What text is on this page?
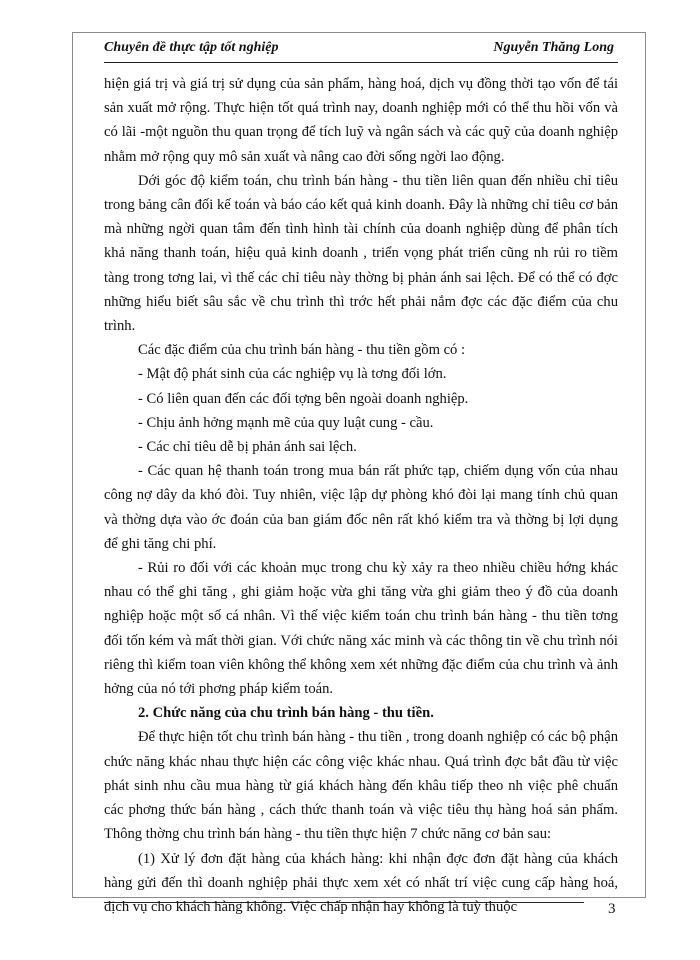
Chuyên đề thực tập tốt nghiệp	Nguyễn Thăng Long

hiện giá trị và giá trị sử dụng của sản phẩm, hàng hoá, dịch vụ đồng thời tạo vốn để tái sản xuất mở rộng. Thực hiện tốt quá trình nay, doanh nghiệp mới có thể thu hồi vốn và có lãi -một nguồn thu quan trọng để tích luỹ và ngân sách và các quỹ của doanh nghiệp nhằm mở rộng quy mô sản xuất và nâng cao đời sống ngời lao động.

Dới góc độ kiểm toán, chu trình bán hàng - thu tiền liên quan đến nhiều chỉ tiêu trong bảng cân đối kế toán và báo cáo kết quả kinh doanh. Đây là những chỉ tiêu cơ bản mà những ngời quan tâm đến tình hình tài chính của doanh nghiệp dùng để phân tích khả năng thanh toán, hiệu quả kinh doanh , triển vọng phát triển cũng nh rủi ro tiềm tàng trong tơng lai, vì thế các chỉ tiêu này thờng bị phản ánh sai lệch. Để có thể có đợc những hiểu biết sâu sắc về chu trình thì trớc hết phải nắm đợc các đặc điểm của chu trình.

Các đặc điểm của chu trình bán hàng - thu tiền gồm có :

- Mật độ phát sinh của các nghiệp vụ là tơng đối lớn.

- Có liên quan đến các đối tợng bên ngoài doanh nghiệp.

- Chịu ảnh hởng mạnh mẽ của quy luật cung - cầu.

- Các chỉ tiêu dễ bị phản ánh sai lệch.

- Các quan hệ thanh toán trong mua bán rất phức tạp, chiếm dụng vốn của nhau công nợ dây da khó đòi. Tuy nhiên, việc lập dự phòng khó đòi lại mang tính chủ quan và thờng dựa vào ớc đoán của ban giám đốc nên rất khó kiểm tra và thờng bị lợi dụng để ghi tăng chi phí.

- Rủi ro đối với các khoản mục trong chu kỳ xảy ra theo nhiều chiều hớng khác nhau có thể ghi tăng , ghi giảm hoặc vừa ghi tăng vừa ghi giảm theo ý đồ của doanh nghiệp hoặc một số cá nhân. Vì thế việc kiểm toán chu trình bán hàng - thu tiền tơng đối tốn kém và mất thời gian. Với chức năng xác minh và các thông tin về chu trình nói riêng thì kiểm toan viên không thể không xem xét những đặc điểm của chu trình và ảnh hởng của nó tới phơng pháp kiểm toán.

2. Chức năng của chu trình bán hàng - thu tiền.

Để thực hiện tốt chu trình bán hàng - thu tiền , trong doanh nghiệp có các bộ phận chức năng khác nhau thực hiện các công việc khác nhau. Quá trình đợc bắt đầu từ việc phát sinh nhu cầu mua hàng từ giá khách hàng đến khâu tiếp theo nh việc phê chuẩn các phơng thức bán hàng , cách thức thanh toán và việc tiêu thụ hàng hoá sản phẩm. Thông thờng chu trình bán hàng - thu tiền thực hiện 7 chức năng cơ bản sau:

(1) Xử lý đơn đặt hàng của khách hàng: khi nhận đợc đơn đặt hàng của khách hàng gửi đến thì doanh nghiệp phải thực xem xét có nhất trí việc cung cấp hàng hoá, dịch vụ cho khách hàng không. Việc chấp nhận hay không là tuỳ thuộc	3
